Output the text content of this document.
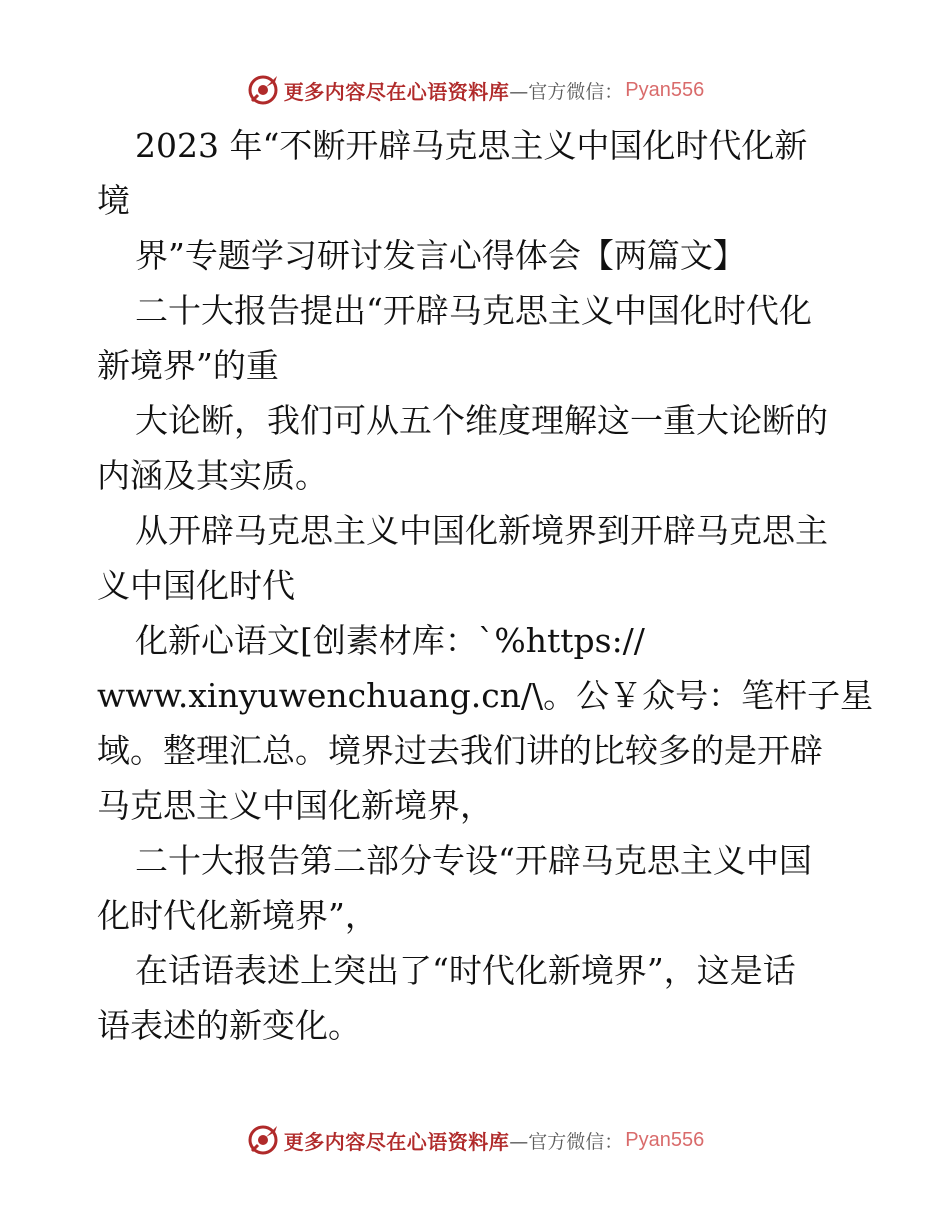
更多内容尽在心语资料库 —官方微信： Pyan556
2023 年“不断开辟马克思主义中国化时代化新
境
界”专题学习研讨发言心得体会【两篇文】
二十大报告提出“开辟马克思主义中国化时代化
新境界”的重
大论断，我们可从五个维度理解这一重大论断的
内涵及其实质。
从开辟马克思主义中国化新境界到开辟马克思主
义中国化时代
化新心语文[创素材库：`%https://
www.xinyuwenchuang.cn/\。公￥众号：笔杆子星
域。整理汇总。境界过去我们讲的比较多的是开辟
马克思主义中国化新境界，
二十大报告第二部分专设“开辟马克思主义中国
化时代化新境界”，
在话语表述上突出了“时代化新境界”，这是话
语表述的新变化。
更多内容尽在心语资料库 —官方微信： Pyan556
